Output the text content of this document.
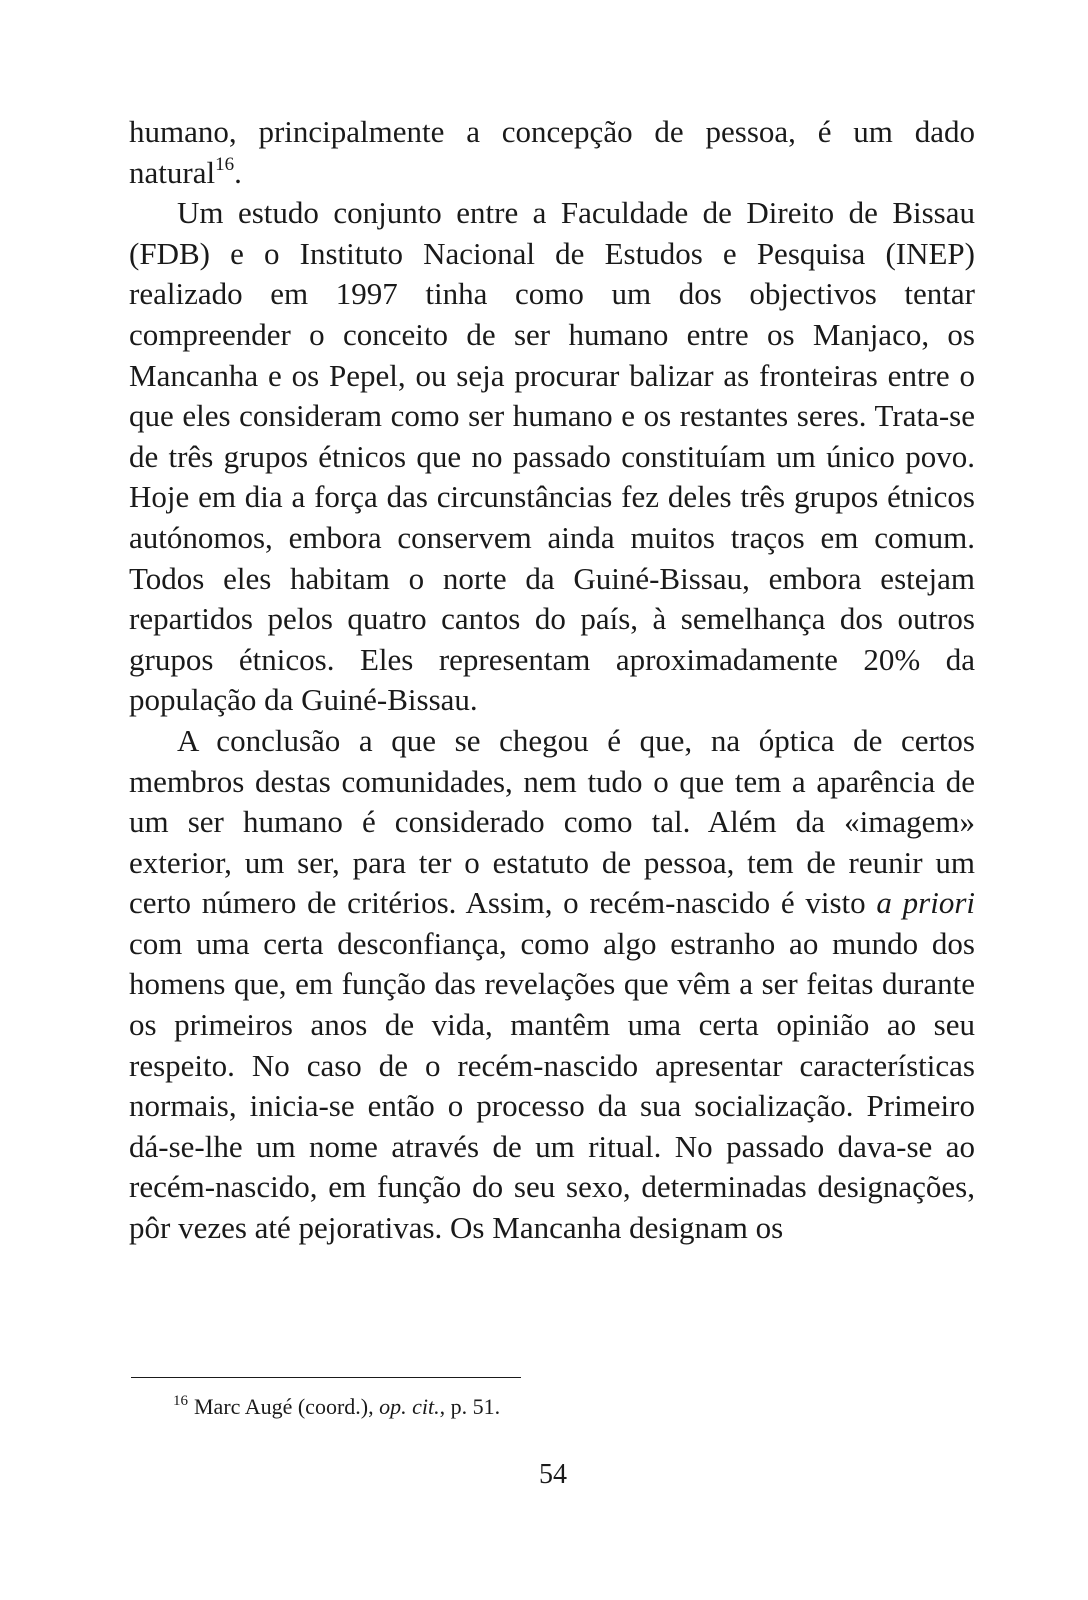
humano, principalmente a concepção de pessoa, é um dado natural$^{16}$.

Um estudo conjunto entre a Faculdade de Direito de Bissau (FDB) e o Instituto Nacional de Estudos e Pesquisa (INEP) realizado em 1997 tinha como um dos objectivos tentar compreender o conceito de ser humano entre os Manjaco, os Mancanha e os Pepel, ou seja procurar balizar as fronteiras entre o que eles consideram como ser humano e os restantes seres. Trata-se de três grupos étnicos que no passado constituíam um único povo. Hoje em dia a força das circunstâncias fez deles três grupos étnicos autónomos, embora conservem ainda muitos traços em comum. Todos eles habitam o norte da Guiné-Bissau, embora estejam repartidos pelos quatro cantos do país, à semelhança dos outros grupos étnicos. Eles representam aproximadamente 20% da população da Guiné-Bissau.

A conclusão a que se chegou é que, na óptica de certos membros destas comunidades, nem tudo o que tem a aparência de um ser humano é considerado como tal. Além da «imagem» exterior, um ser, para ter o estatuto de pessoa, tem de reunir um certo número de critérios. Assim, o recém-nascido é visto a priori com uma certa desconfiança, como algo estranho ao mundo dos homens que, em função das revelações que vêm a ser feitas durante os primeiros anos de vida, mantêm uma certa opinião ao seu respeito. No caso de o recém-nascido apresentar características normais, inicia-se então o processo da sua socialização. Primeiro dá-se-lhe um nome através de um ritual. No passado dava-se ao recém-nascido, em função do seu sexo, determinadas designações, pôr vezes até pejorativas. Os Mancanha designam os

$^{16}$ Marc Augé (coord.), op. cit., p. 51.
54
